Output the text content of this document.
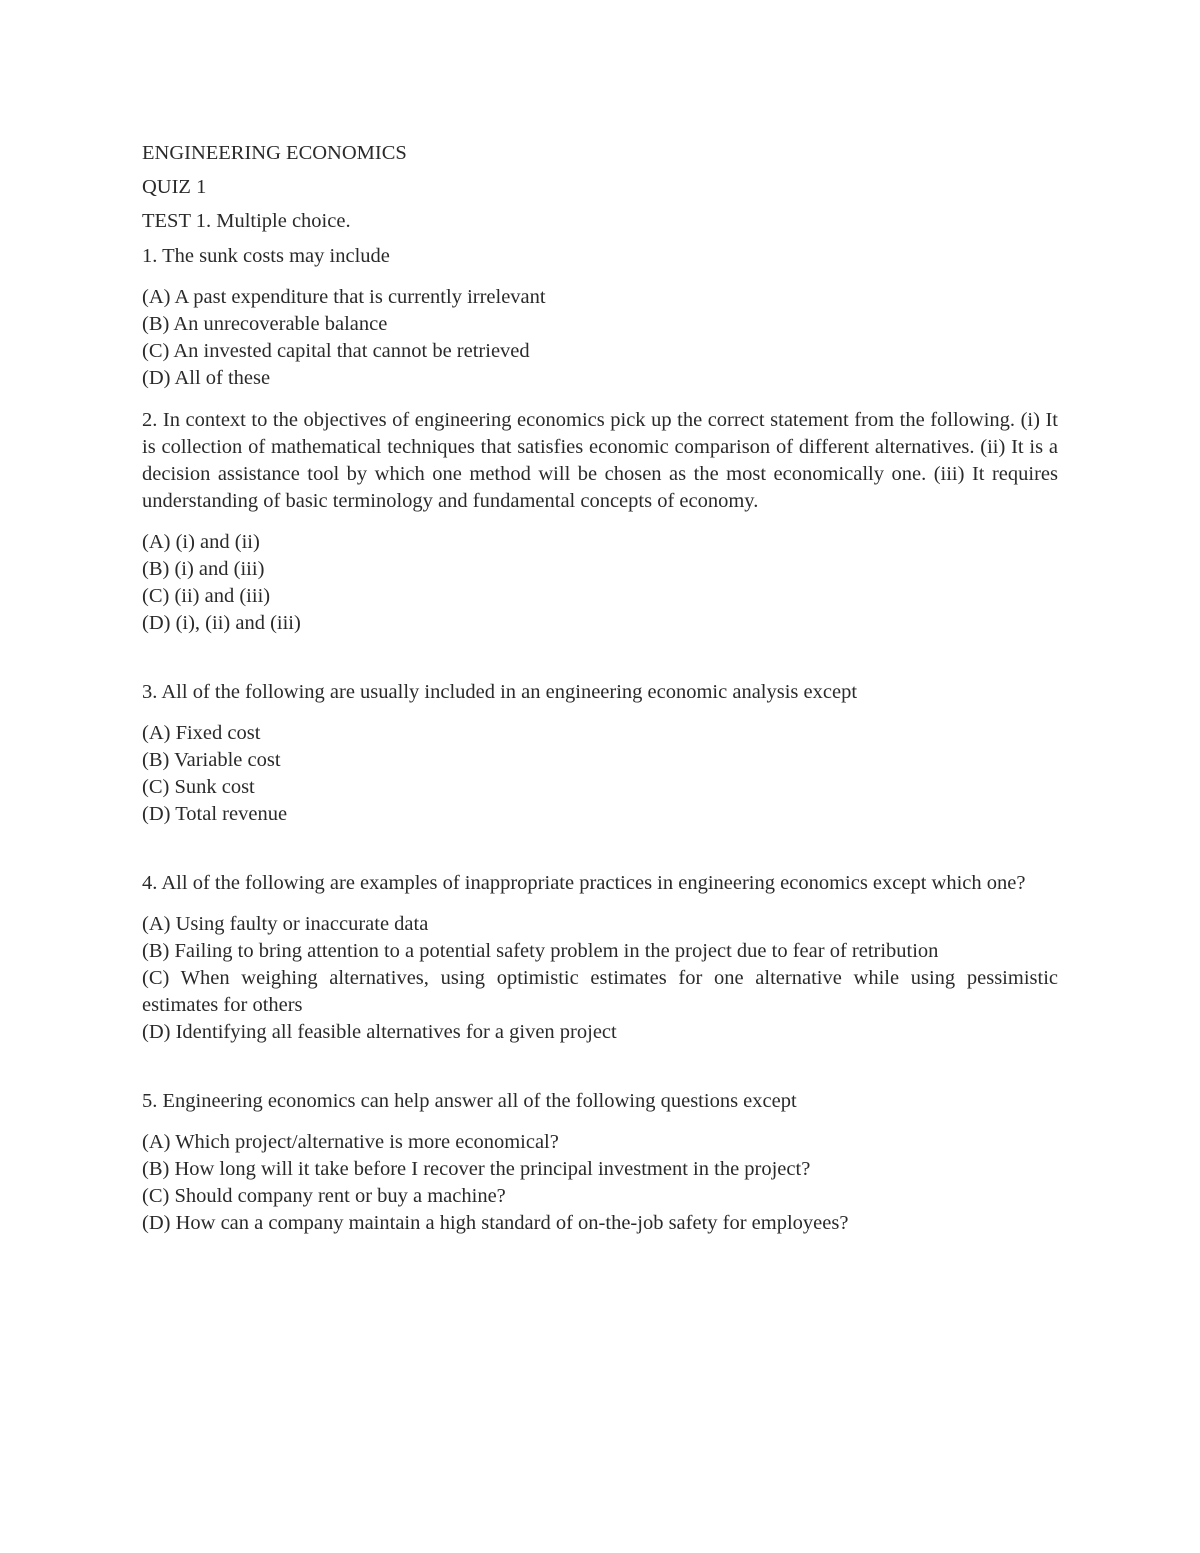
ENGINEERING ECONOMICS

QUIZ 1

TEST 1. Multiple choice.

1. The sunk costs may include

(A) A past expenditure that is currently irrelevant
(B) An unrecoverable balance
(C) An invested capital that cannot be retrieved
(D) All of these

2. In context to the objectives of engineering economics pick up the correct statement from the following. (i) It is collection of mathematical techniques that satisfies economic comparison of different alternatives. (ii) It is a decision assistance tool by which one method will be chosen as the most economically one. (iii) It requires understanding of basic terminology and fundamental concepts of economy.

(A) (i) and (ii)
(B) (i) and (iii)
(C) (ii) and (iii)
(D) (i), (ii) and (iii)

3. All of the following are usually included in an engineering economic analysis except

(A) Fixed cost
(B) Variable cost
(C) Sunk cost
(D) Total revenue

4. All of the following are examples of inappropriate practices in engineering economics except which one?

(A) Using faulty or inaccurate data
(B) Failing to bring attention to a potential safety problem in the project due to fear of retribution
(C) When weighing alternatives, using optimistic estimates for one alternative while using pessimistic estimates for others
(D) Identifying all feasible alternatives for a given project

5. Engineering economics can help answer all of the following questions except

(A) Which project/alternative is more economical?
(B) How long will it take before I recover the principal investment in the project?
(C) Should company rent or buy a machine?
(D) How can a company maintain a high standard of on-the-job safety for employees?
